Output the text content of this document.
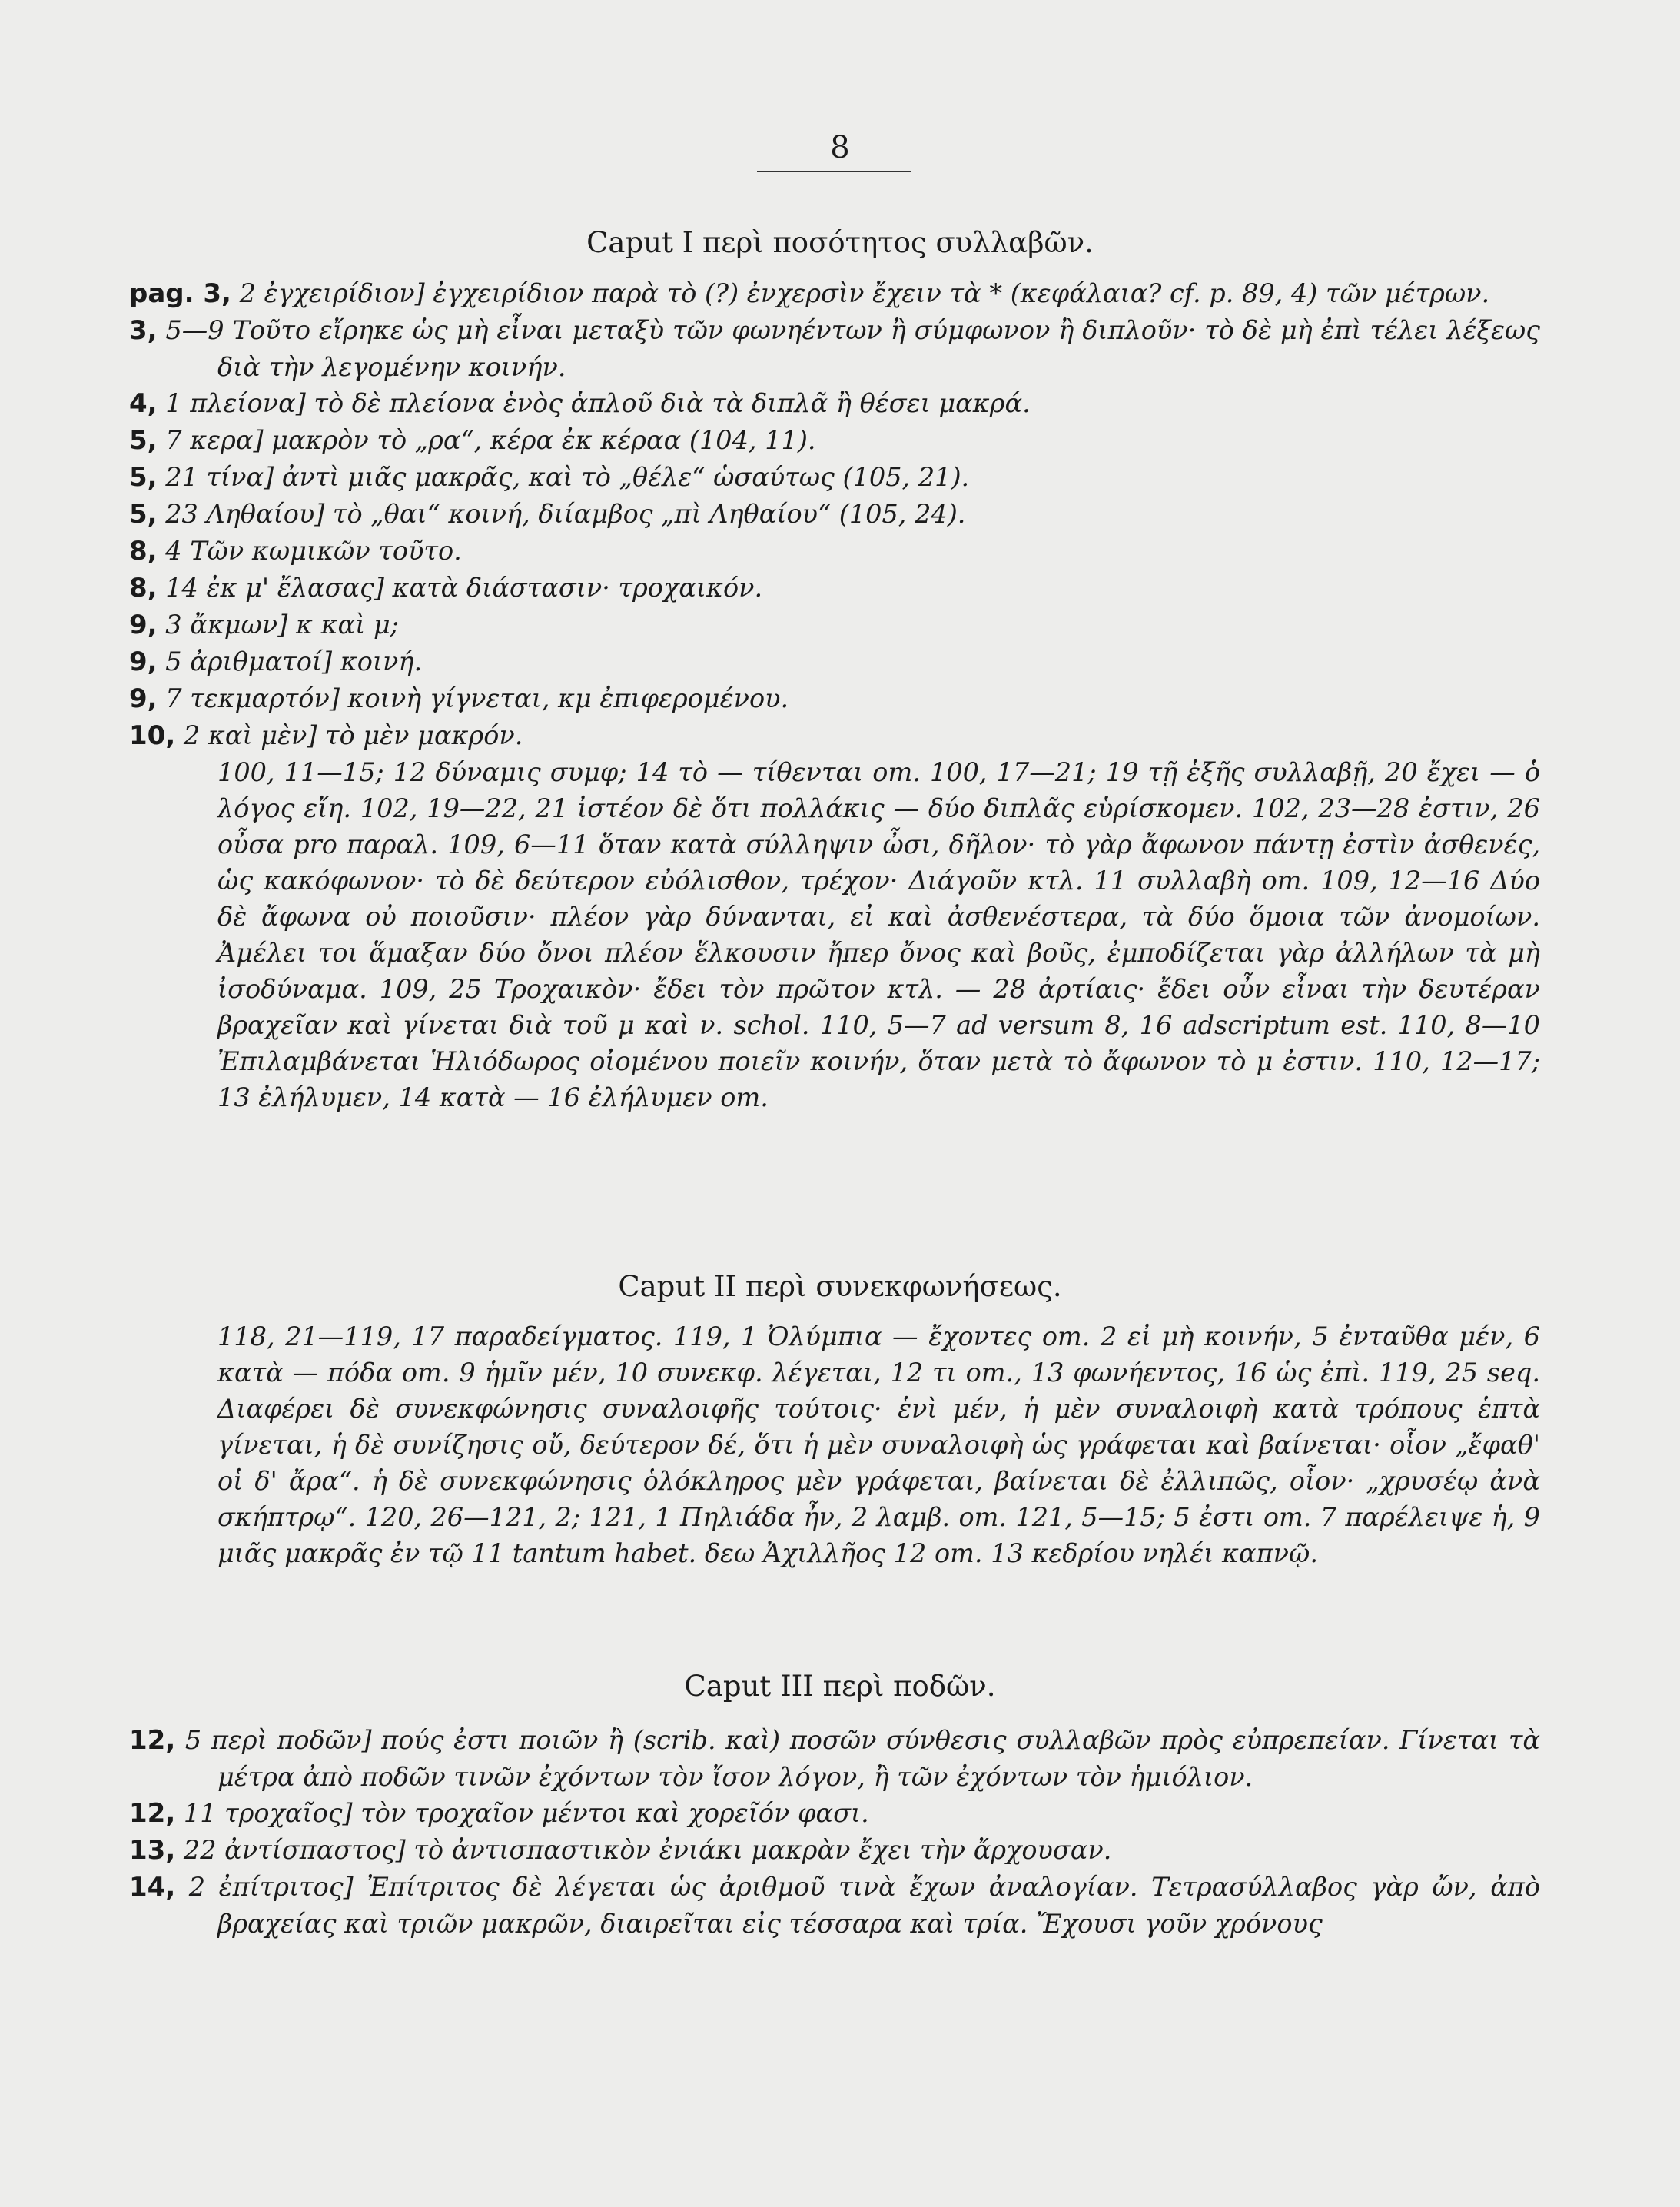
8
Caput I περὶ ποσότητος συλλαβῶν.
pag. 3, 2 ἐγχειρίδιον] ἐγχειρίδιον παρὰ τὸ (?) ἐνχερσὶν ἔχειν τὰ * (κεφάλαια? cf. p. 89, 4) τῶν μέτρων.
3, 5—9 Τοῦτο εἴρηκε ὡς μὴ εἶναι μεταξὺ τῶν φωνηέντων ἢ σύμφωνον ἢ διπλοῦν· τὸ δὲ μὴ ἐπὶ τέλει λέξεως διὰ τὴν λεγομένην κοινήν.
4, 1 πλείονα] τὸ δὲ πλείονα ἑνὸς ἁπλοῦ διὰ τὰ διπλᾶ ἢ θέσει μακρά.
5, 7 κερα] μακρὸν τὸ „ρα“, κέρα ἐκ κέραα (104, 11).
5, 21 τίνα] ἀντὶ μιᾶς μακρᾶς, καὶ τὸ „θέλε“ ὡσαύτως (105, 21).
5, 23 Ληθαίου] τὸ „θαι“ κοινή, διίαμβος „πὶ Ληθαίου“ (105, 24).
8, 4 Τῶν κωμικῶν τοῦτο.
8, 14 ἐκ μ' ἔλασας] κατὰ διάστασιν· τροχαικόν.
9, 3 ἄκμων] κ καὶ μ;
9, 5 ἀριθματοί] κοινή.
9, 7 τεκμαρτόν] κοινὴ γίγνεται, κμ ἐπιφερομένου.
10, 2 καὶ μὲν] τὸ μὲν μακρόν.
100, 11—15; 12 δύναμις συμφ; 14 τὸ — τίθενται om. 100, 17—21; 19 τῇ ἑξῆς συλλαβῇ, 20 ἔχει — ὁ λόγος εἴη. 102, 19—22, 21 ἰστέον δὲ ὅτι πολλάκις — δύο διπλᾶς εὑρίσκομεν. 102, 23—28 ἐστιν, 26 οὖσα pro παραλ. 109, 6—11 ὅταν κατὰ σύλληψιν ὦσι, δῆλον· τὸ γὰρ ἄφωνον πάντῃ ἐστὶν ἀσθενές, ὡς κακόφωνον· τὸ δὲ δεύτερον εὐόλισθον, τρέχον· Διάγοῦν κτλ. 11 συλλαβὴ om. 109, 12—16 Δύο δὲ ἄφωνα οὐ ποιοῦσιν· πλέον γὰρ δύνανται, εἰ καὶ ἀσθενέστερα, τὰ δύο ὅμοια τῶν ἀνομοίων. Ἀμέλει τοι ἅμαξαν δύο ὄνοι πλέον ἕλκουσιν ἤπερ ὄνος καὶ βοῦς, ἐμποδίζεται γὰρ ἀλλήλων τὰ μὴ ἰσοδύναμα. 109, 25 Τροχαικὸν· ἔδει τὸν πρῶτον κτλ. — 28 ἀρτίαις· ἔδει οὖν εἶναι τὴν δευτέραν βραχεῖαν καὶ γίνεται διὰ τοῦ μ καὶ ν. schol. 110, 5—7 ad versum 8, 16 adscriptum est. 110, 8—10 Ἐπιλαμβάνεται Ἡλιόδωρος οἰομένου ποιεῖν κοινήν, ὅταν μετὰ τὸ ἄφωνον τὸ μ ἐστιν. 110, 12—17; 13 ἐλήλυμεν, 14 κατὰ — 16 ἐλήλυμεν om.
Caput II περὶ συνεκφωνήσεως.
118, 21—119, 17 παραδείγματος. 119, 1 Ὀλύμπια — ἔχοντες om. 2 εἰ μὴ κοινήν, 5 ἐνταῦθα μέν, 6 κατὰ — πόδα om. 9 ἡμῖν μέν, 10 συνεκφ. λέγεται, 12 τι om., 13 φωνήεντος, 16 ὡς ἐπὶ. 119, 25 seq. Διαφέρει δὲ συνεκφώνησις συναλοιφῆς τούτοις· ἑνὶ μέν, ἡ μὲν συναλοιφὴ κατὰ τρόπους ἑπτὰ γίνεται, ἡ δὲ συνίζησις οὔ, δεύτερον δέ, ὅτι ἡ μὲν συναλοιφὴ ὡς γράφεται καὶ βαίνεται· οἷον „ἔφαθ' οἱ δ' ἄρα“. ἡ δὲ συνεκφώνησις ὁλόκληρος μὲν γράφεται, βαίνεται δὲ ἐλλιπῶς, οἷον· „χρυσέῳ ἀνὰ σκήπτρῳ“. 120, 26—121, 2; 121, 1 Πηλιάδα ἦν, 2 λαμβ. om. 121, 5—15; 5 ἐστι om. 7 παρέλειψε ἡ, 9 μιᾶς μακρᾶς ἐν τῷ 11 tantum habet. δεω Ἀχιλλῆος 12 om. 13 κεδρίου νηλέι καπνῷ.
Caput III περὶ ποδῶν.
12, 5 περὶ ποδῶν] πούς ἐστι ποιῶν ἢ (scrib. καὶ) ποσῶν σύνθεσις συλλαβῶν πρὸς εὐπρεπείαν. Γίνεται τὰ μέτρα ἀπὸ ποδῶν τινῶν ἐχόντων τὸν ἴσον λόγον, ἢ τῶν ἐχόντων τὸν ἡμιόλιον.
12, 11 τροχαῖος] τὸν τροχαῖον μέντοι καὶ χορεῖόν φασι.
13, 22 ἀντίσπαστος] τὸ ἀντισπαστικὸν ἐνιάκι μακρὰν ἔχει τὴν ἄρχουσαν.
14, 2 ἐπίτριτος] Ἐπίτριτος δὲ λέγεται ὡς ἀριθμοῦ τινὰ ἔχων ἀναλογίαν. Τετρασύλλαβος γὰρ ὤν, ἀπὸ βραχείας καὶ τριῶν μακρῶν, διαιρεῖται εἰς τέσσαρα καὶ τρία. Ἔχουσι γοῦν χρόνους
